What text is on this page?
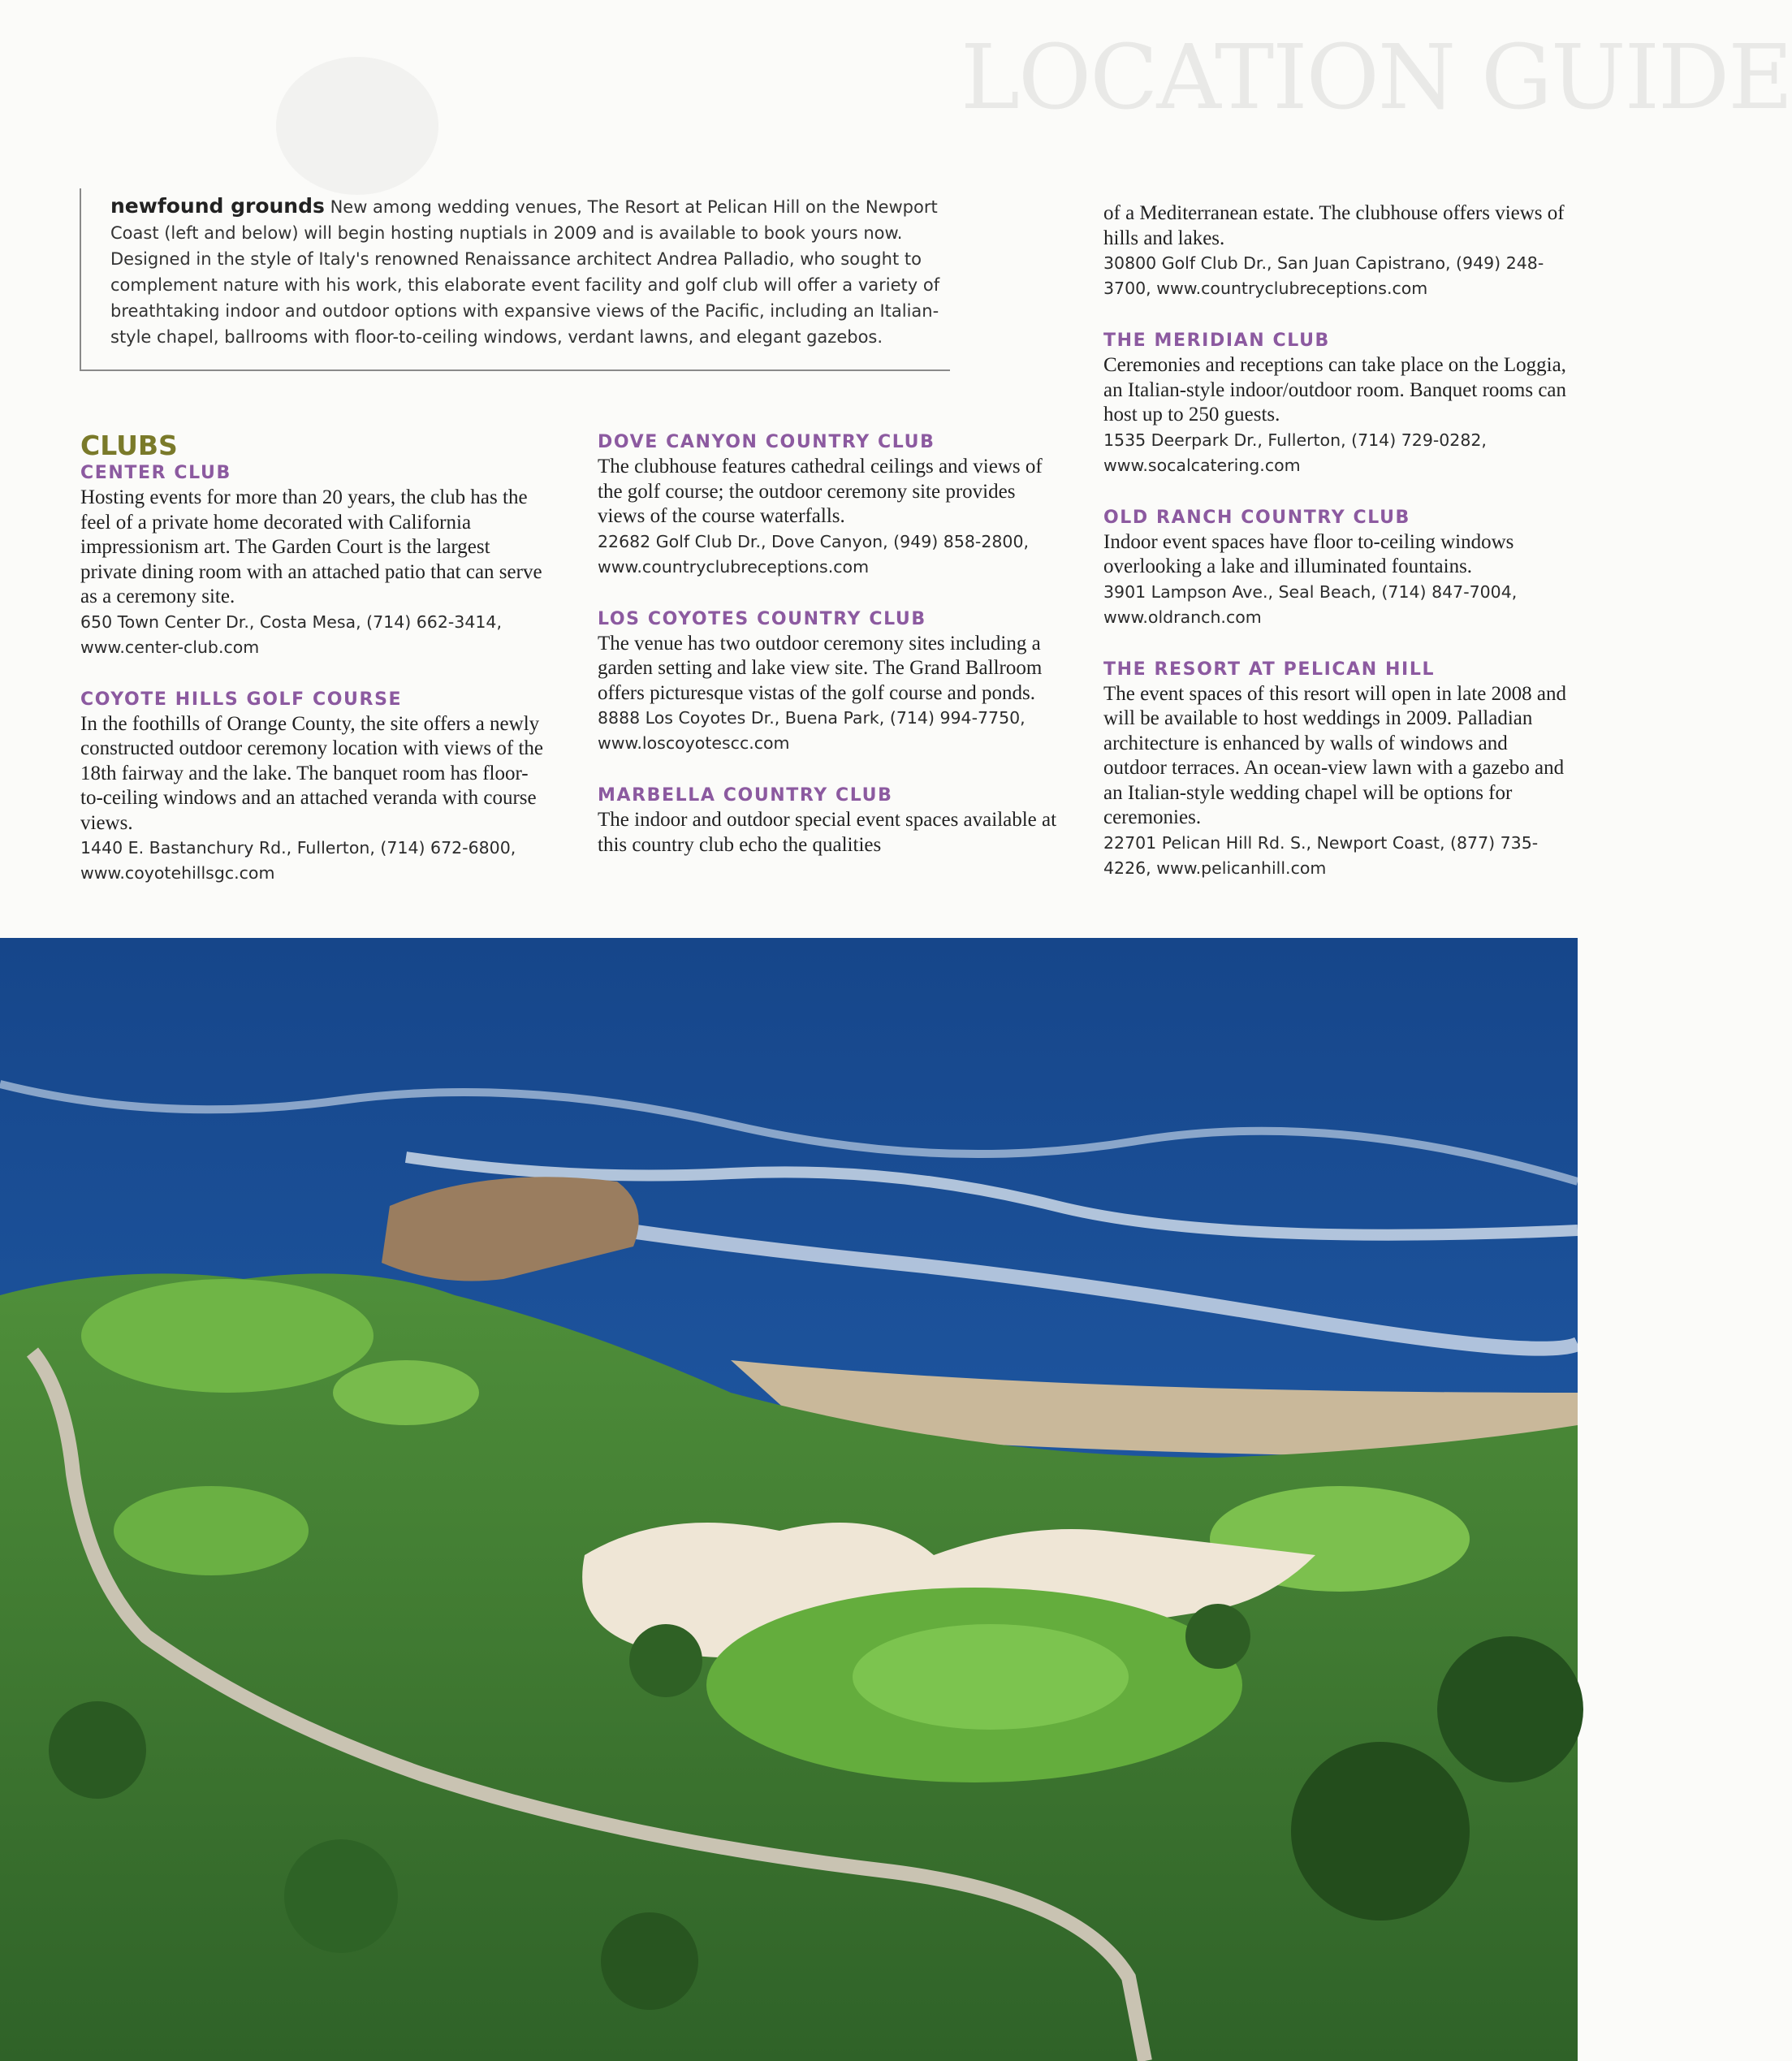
LOCATION GUIDE
newfound grounds New among wedding venues, The Resort at Pelican Hill on the Newport Coast (left and below) will begin hosting nuptials in 2009 and is available to book yours now. Designed in the style of Italy's renowned Renaissance architect Andrea Palladio, who sought to complement nature with his work, this elaborate event facility and golf club will offer a variety of breathtaking indoor and outdoor options with expansive views of the Pacific, including an Italian-style chapel, ballrooms with floor-to-ceiling windows, verdant lawns, and elegant gazebos.
CLUBS
CENTER CLUB
Hosting events for more than 20 years, the club has the feel of a private home decorated with California impressionism art. The Garden Court is the largest private dining room with an attached patio that can serve as a ceremony site.
650 Town Center Dr., Costa Mesa, (714) 662-3414, www.center-club.com
COYOTE HILLS GOLF COURSE
In the foothills of Orange County, the site offers a newly constructed outdoor ceremony location with views of the 18th fairway and the lake. The banquet room has floor-to-ceiling windows and an attached veranda with course views.
1440 E. Bastanchury Rd., Fullerton, (714) 672-6800, www.coyotehillsgc.com
DOVE CANYON COUNTRY CLUB
The clubhouse features cathedral ceilings and views of the golf course; the outdoor ceremony site provides views of the course waterfalls.
22682 Golf Club Dr., Dove Canyon, (949) 858-2800, www.countryclubreceptions.com
LOS COYOTES COUNTRY CLUB
The venue has two outdoor ceremony sites including a garden setting and lake view site. The Grand Ballroom offers picturesque vistas of the golf course and ponds.
8888 Los Coyotes Dr., Buena Park, (714) 994-7750, www.loscoyotescc.com
MARBELLA COUNTRY CLUB
The indoor and outdoor special event spaces available at this country club echo the qualities
of a Mediterranean estate. The clubhouse offers views of hills and lakes.
30800 Golf Club Dr., San Juan Capistrano, (949) 248-3700, www.countryclubreceptions.com
THE MERIDIAN CLUB
Ceremonies and receptions can take place on the Loggia, an Italian-style indoor/outdoor room. Banquet rooms can host up to 250 guests.
1535 Deerpark Dr., Fullerton, (714) 729-0282, www.socalcatering.com
OLD RANCH COUNTRY CLUB
Indoor event spaces have floor to-ceiling windows overlooking a lake and illuminated fountains.
3901 Lampson Ave., Seal Beach, (714) 847-7004, www.oldranch.com
THE RESORT AT PELICAN HILL
The event spaces of this resort will open in late 2008 and will be available to host weddings in 2009. Palladian architecture is enhanced by walls of windows and outdoor terraces. An ocean-view lawn with a gazebo and an Italian-style wedding chapel will be options for ceremonies.
22701 Pelican Hill Rd. S., Newport Coast, (877) 735-4226, www.pelicanhill.com
